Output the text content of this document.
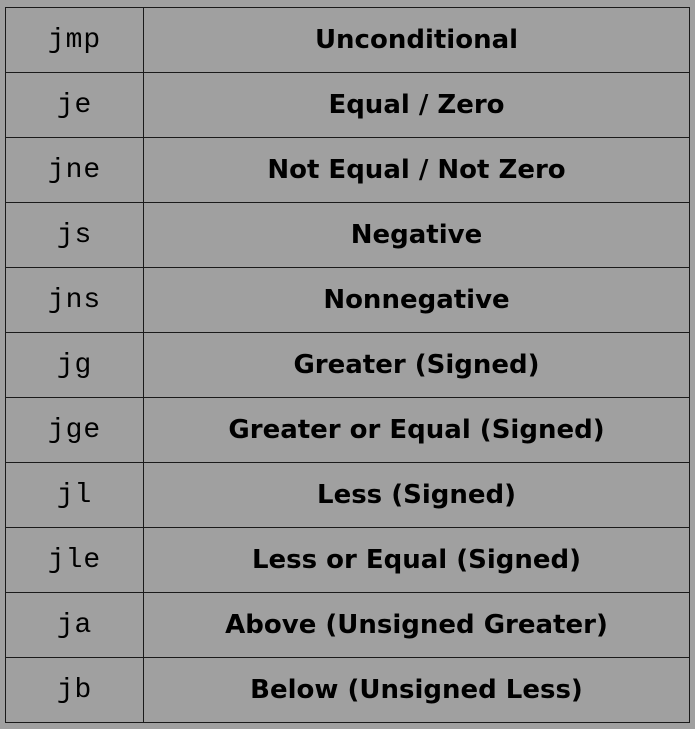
jmp	Unconditional
je	Equal / Zero
jne	Not Equal / Not Zero
js	Negative
jns	Nonnegative
jg	Greater (Signed)
jge	Greater or Equal (Signed)
jl	Less (Signed)
jle	Less or Equal (Signed)
ja	Above (Unsigned Greater)
jb	Below (Unsigned Less)
